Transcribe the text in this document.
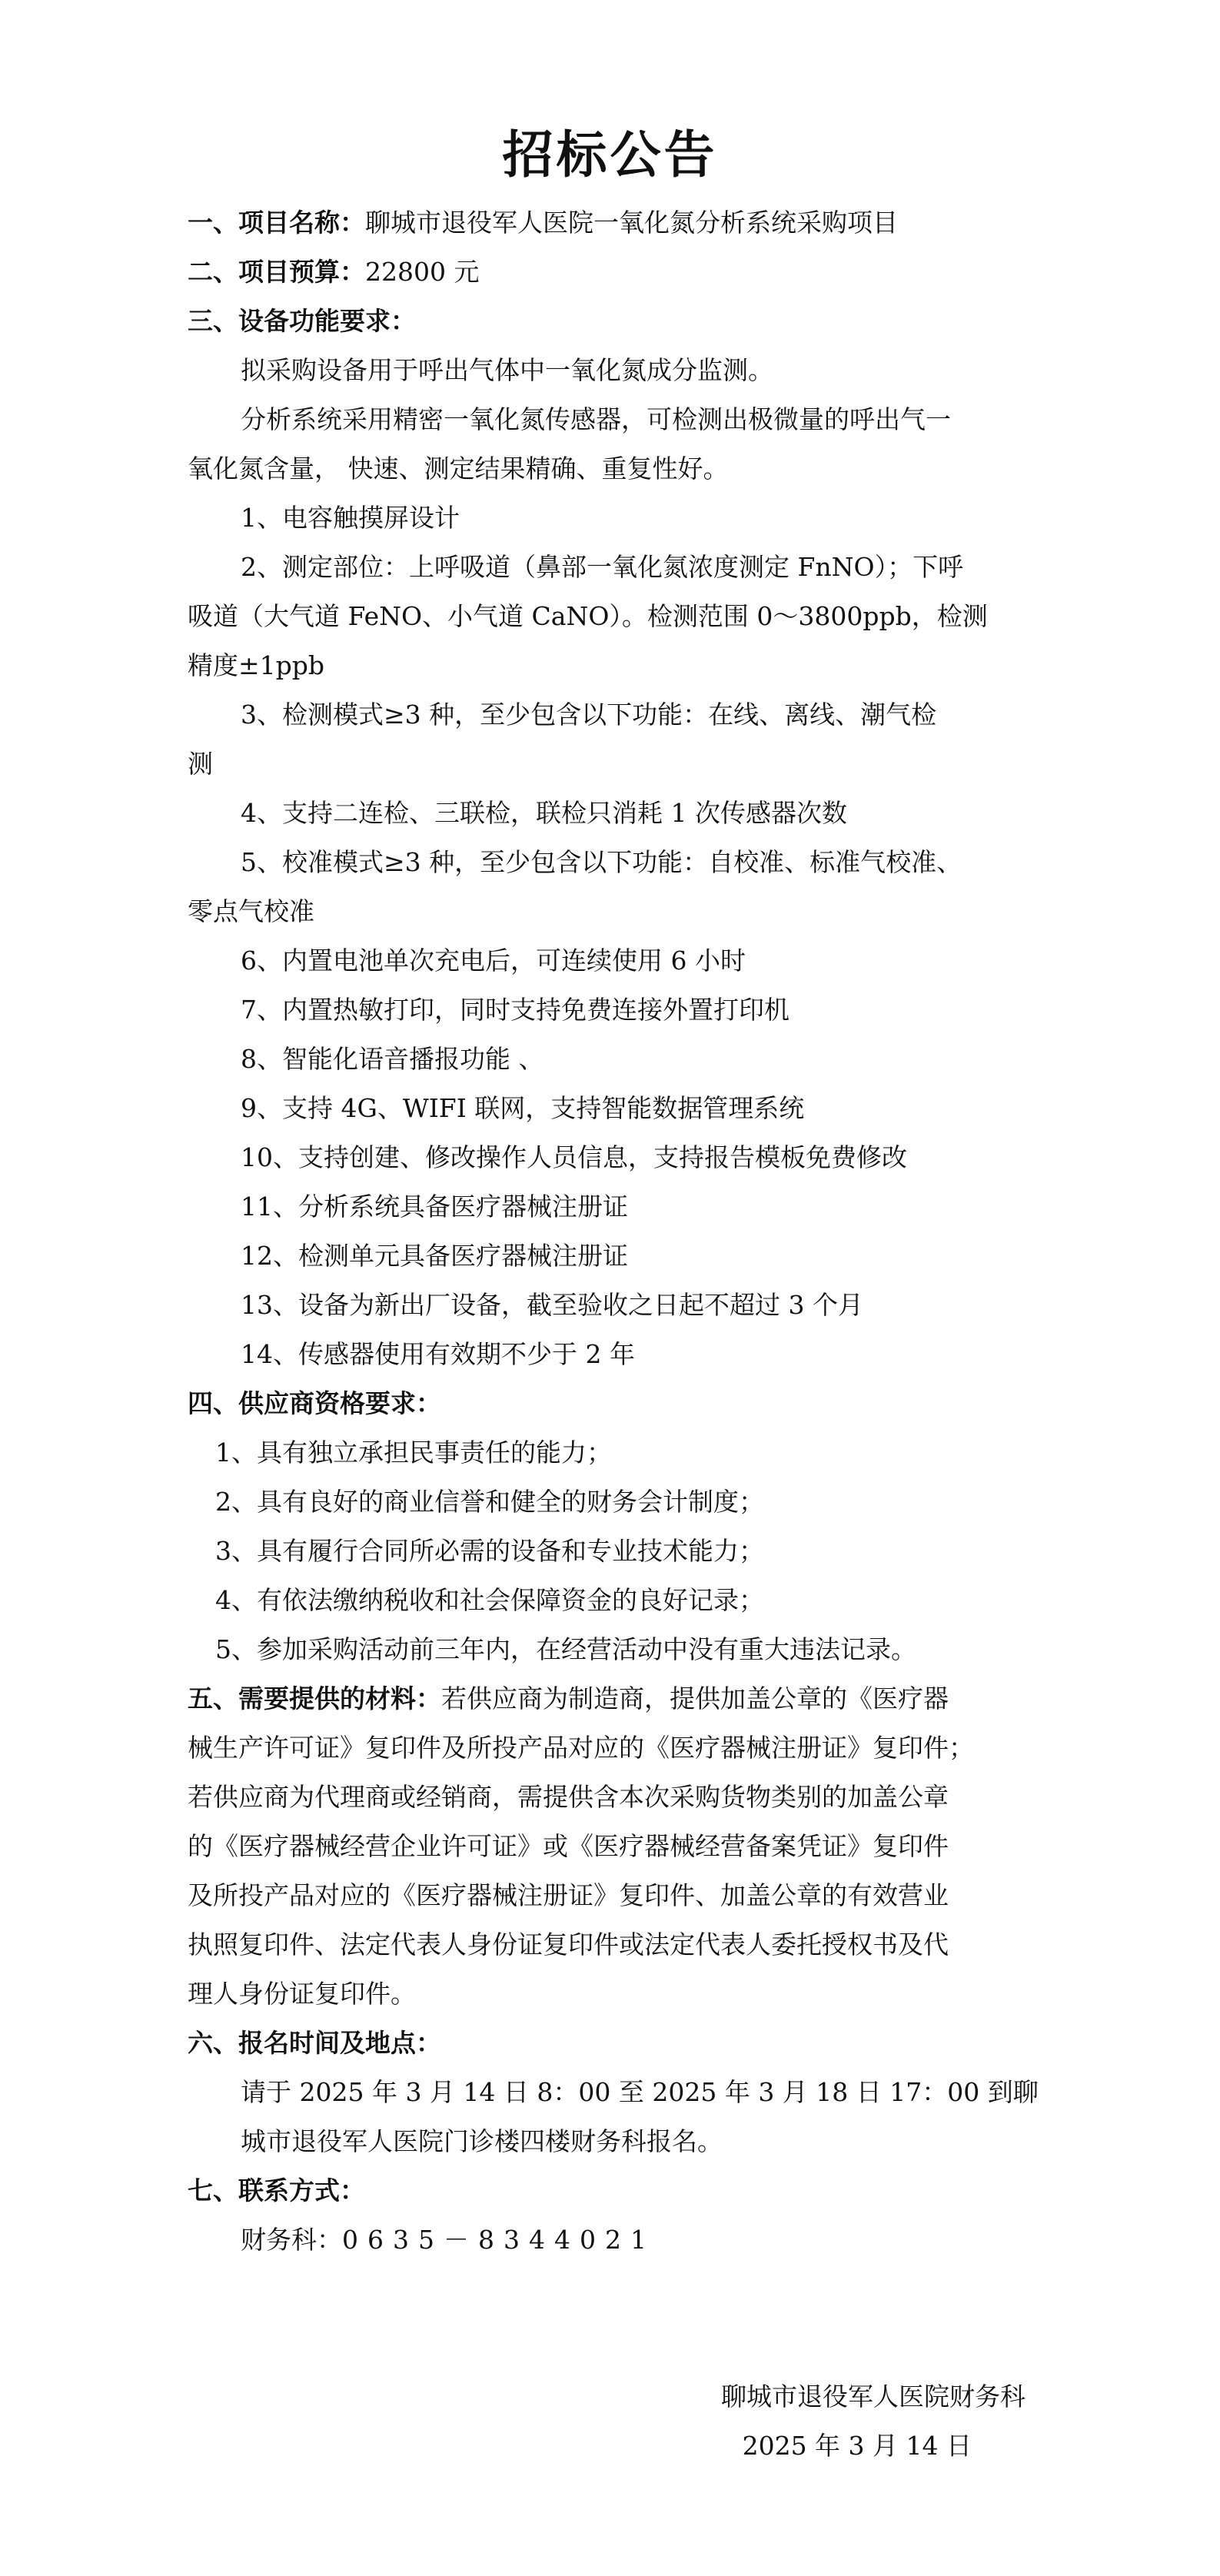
招标公告
一、项目名称：聊城市退役军人医院一氧化氮分析系统采购项目
二、项目预算：22800 元
三、设备功能要求：
拟采购设备用于呼出气体中一氧化氮成分监测。
分析系统采用精密一氧化氮传感器，可检测出极微量的呼出气一
氧化氮含量， 快速、测定结果精确、重复性好。
1、电容触摸屏设计
2、测定部位：上呼吸道（鼻部一氧化氮浓度测定 FnNO）；下呼
吸道（大气道 FeNO、小气道 CaNO）。检测范围 0～3800ppb，检测
精度±1ppb
3、检测模式≥3 种，至少包含以下功能：在线、离线、潮气检
测
4、支持二连检、三联检，联检只消耗 1 次传感器次数
5、校准模式≥3 种，至少包含以下功能：自校准、标准气校准、
零点气校准
6、内置电池单次充电后，可连续使用 6 小时
7、内置热敏打印，同时支持免费连接外置打印机
8、智能化语音播报功能 、
9、支持 4G、WIFI 联网，支持智能数据管理系统
10、支持创建、修改操作人员信息，支持报告模板免费修改
11、分析系统具备医疗器械注册证
12、检测单元具备医疗器械注册证
13、设备为新出厂设备，截至验收之日起不超过 3 个月
14、传感器使用有效期不少于 2 年
四、供应商资格要求：
1、具有独立承担民事责任的能力；
2、具有良好的商业信誉和健全的财务会计制度；
3、具有履行合同所必需的设备和专业技术能力；
4、有依法缴纳税收和社会保障资金的良好记录；
5、参加采购活动前三年内，在经营活动中没有重大违法记录。
五、需要提供的材料：若供应商为制造商，提供加盖公章的《医疗器
械生产许可证》复印件及所投产品对应的《医疗器械注册证》复印件；
若供应商为代理商或经销商，需提供含本次采购货物类别的加盖公章
的《医疗器械经营企业许可证》或《医疗器械经营备案凭证》复印件
及所投产品对应的《医疗器械注册证》复印件、加盖公章的有效营业
执照复印件、法定代表人身份证复印件或法定代表人委托授权书及代
理人身份证复印件。
六、报名时间及地点：
请于 2025 年 3 月 14 日 8：00 至 2025 年 3 月 18 日 17：00 到聊
城市退役军人医院门诊楼四楼财务科报名。
七、联系方式：
财务科：0635－8344021
聊城市退役军人医院财务科
2025 年 3 月 14 日
